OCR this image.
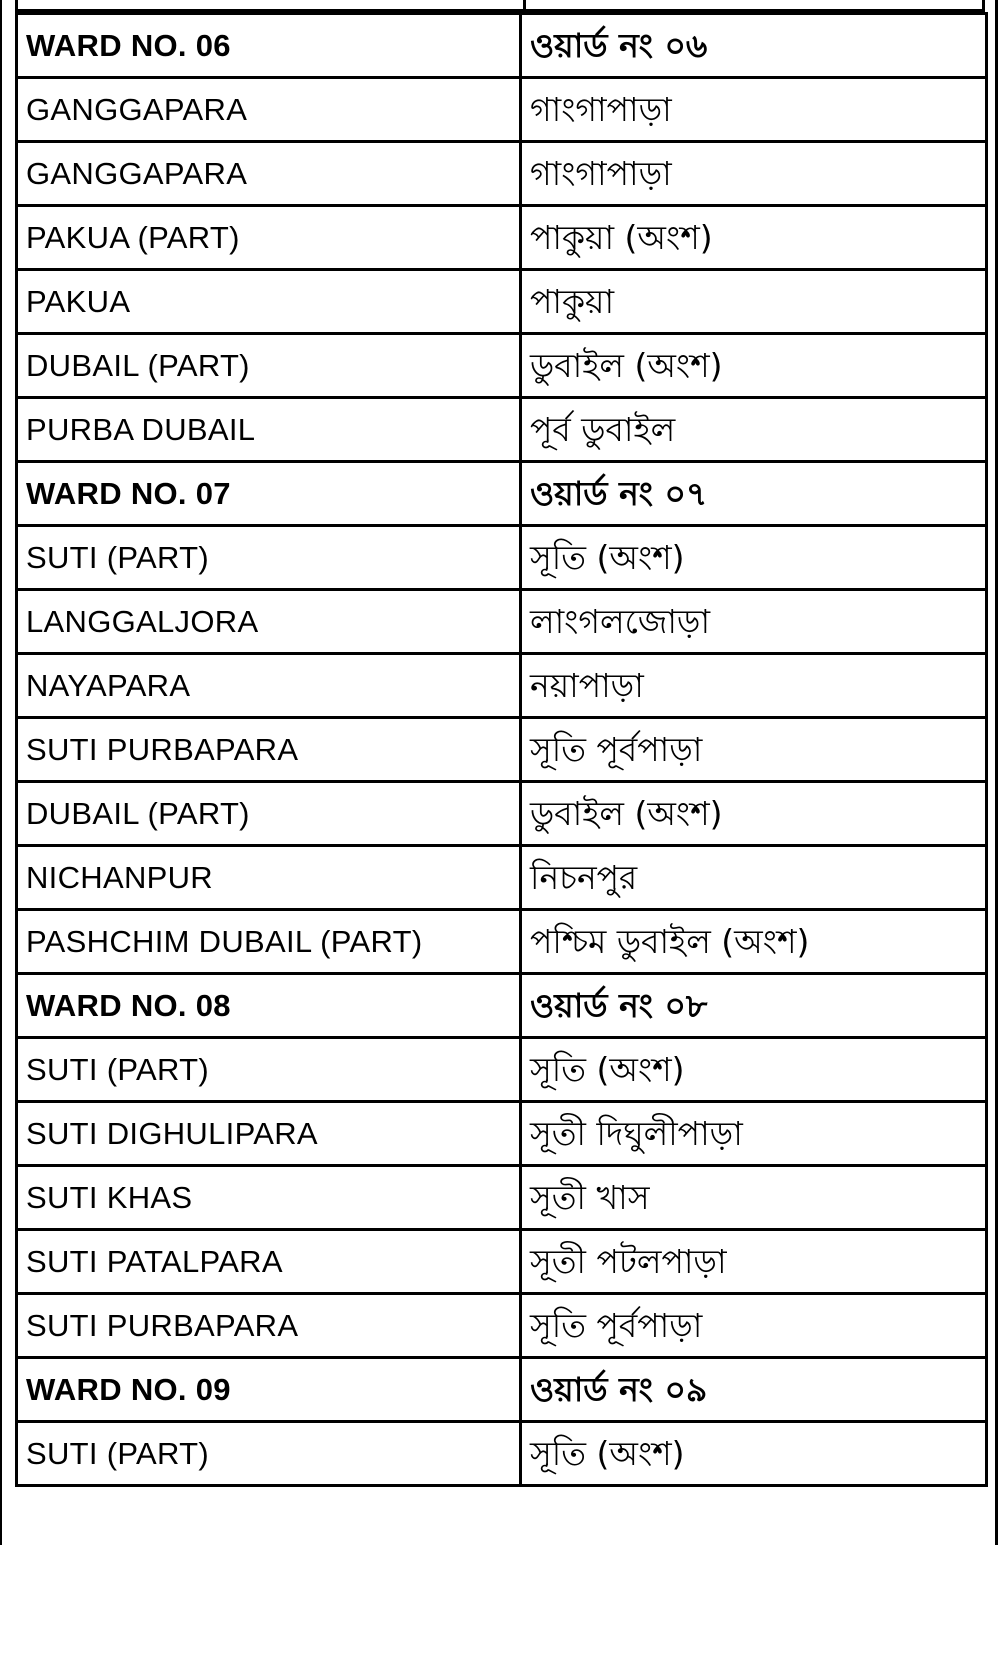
WARD NO. 06	ওয়ার্ড নং ০৬
GANGGAPARA	গাংগাপাড়া
GANGGAPARA	গাংগাপাড়া
PAKUA (PART)	পাকুয়া (অংশ)
PAKUA	পাকুয়া
DUBAIL (PART)	ডুবাইল (অংশ)
PURBA DUBAIL	পূর্ব ডুবাইল
WARD NO. 07	ওয়ার্ড নং ০৭
SUTI (PART)	সূতি (অংশ)
LANGGALJORA	লাংগলজোড়া
NAYAPARA	নয়াপাড়া
SUTI PURBAPARA	সূতি পূর্বপাড়া
DUBAIL (PART)	ডুবাইল (অংশ)
NICHANPUR	নিচনপুর
PASHCHIM DUBAIL (PART)	পশ্চিম ডুবাইল (অংশ)
WARD NO. 08	ওয়ার্ড নং ০৮
SUTI (PART)	সূতি (অংশ)
SUTI DIGHULIPARA	সূতী দিঘুলীপাড়া
SUTI KHAS	সূতী খাস
SUTI PATALPARA	সূতী পটলপাড়া
SUTI PURBAPARA	সূতি পূর্বপাড়া
WARD NO. 09	ওয়ার্ড নং ০৯
SUTI (PART)	সূতি (অংশ)
